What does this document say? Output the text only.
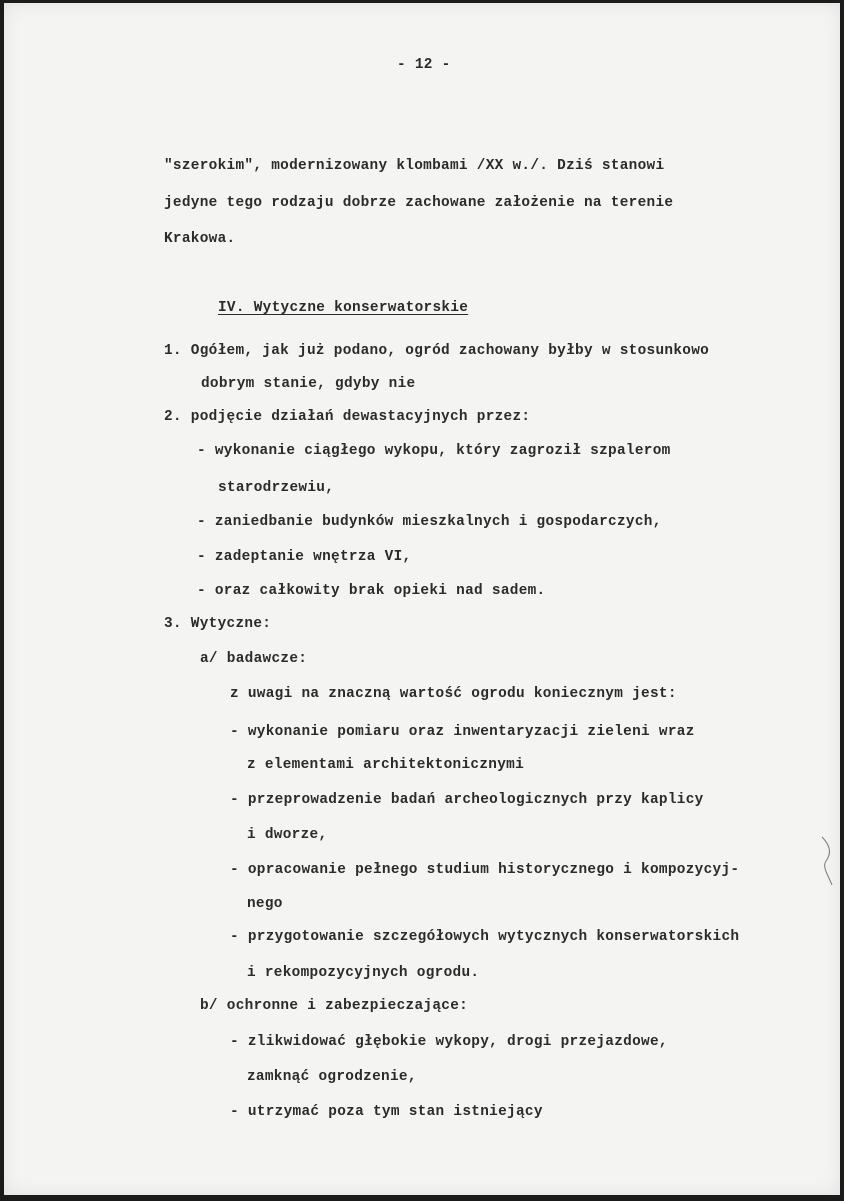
- 12 -
"szerokim", modernizowany klombami /XX w./. Dziś stanowi
jedyne tego rodzaju dobrze zachowane założenie na terenie
Krakowa.
IV. Wytyczne konserwatorskie
1. Ogółem, jak już podano, ogród zachowany byłby w stosunkowo
dobrym stanie, gdyby nie
2. podjęcie działań dewastacyjnych przez:
- wykonanie ciągłego wykopu, który zagroził szpalerom
starodrzewiu,
- zaniedbanie budynków mieszkalnych i gospodarczych,
- zadeptanie wnętrza VI,
- oraz całkowity brak opieki nad sadem.
3. Wytyczne:
a/ badawcze:
z uwagi na znaczną wartość ogrodu koniecznym jest:
- wykonanie pomiaru oraz inwentaryzacji zieleni wraz
z elementami architektonicznymi
- przeprowadzenie badań archeologicznych przy kaplicy
i dworze,
- opracowanie pełnego studium historycznego i kompozycyj-
nego
- przygotowanie szczegółowych wytycznych konserwatorskich
i rekompozycyjnych ogrodu.
b/ ochronne i zabezpieczające:
- zlikwidować głębokie wykopy, drogi przejazdowe,
zamknąć ogrodzenie,
- utrzymać poza tym stan istniejący
